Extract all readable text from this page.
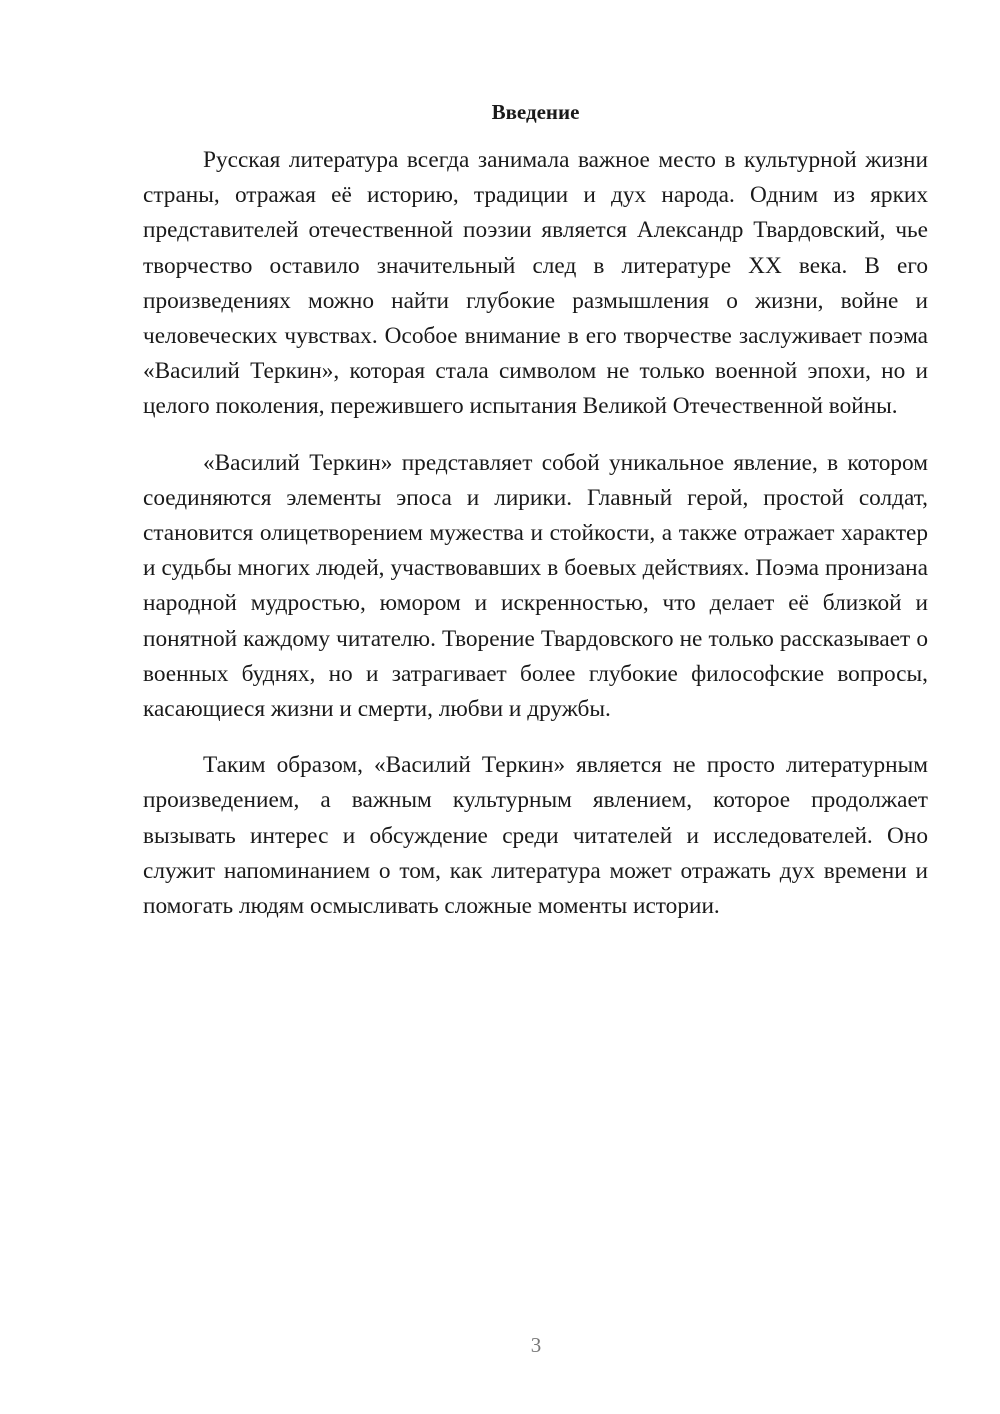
Введение

Русская литература всегда занимала важное место в культурной жизни страны, отражая её историю, традиции и дух народа. Одним из ярких представителей отечественной поэзии является Александр Твардовский, чье творчество оставило значительный след в литературе XX века. В его произведениях можно найти глубокие размышления о жизни, войне и человеческих чувствах. Особое внимание в его творчестве заслуживает поэма «Василий Теркин», которая стала символом не только военной эпохи, но и целого поколения, пережившего испытания Великой Отечественной войны.

«Василий Теркин» представляет собой уникальное явление, в котором соединяются элементы эпоса и лирики. Главный герой, простой солдат, становится олицетворением мужества и стойкости, а также отражает характер и судьбы многих людей, участвовавших в боевых действиях. Поэма пронизана народной мудростью, юмором и искренностью, что делает её близкой и понятной каждому читателю. Творение Твардовского не только рассказывает о военных буднях, но и затрагивает более глубокие философские вопросы, касающиеся жизни и смерти, любви и дружбы.

Таким образом, «Василий Теркин» является не просто литературным произведением, а важным культурным явлением, которое продолжает вызывать интерес и обсуждение среди читателей и исследователей. Оно служит напоминанием о том, как литература может отражать дух времени и помогать людям осмысливать сложные моменты истории.

3
